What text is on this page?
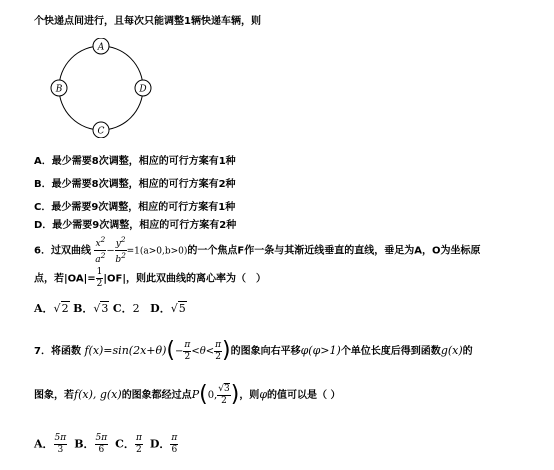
个快递点间进行，且每次只能调整1辆快递车辆，则
A
B
C
D
A．最少需要8次调整，相应的可行方案有1种
B．最少需要8次调整，相应的可行方案有2种
C．最少需要9次调整，相应的可行方案有1种
D．最少需要9次调整，相应的可行方案有2种
6．过双曲线 $\frac{x^2}{a^2} - \frac{y^2}{b^2} =1(a>0,b>0)$的一个焦点F作一条与其渐近线垂直的直线，垂足为A，O为坐标原
点，若$|OA|= \frac{1}{2} |OF|$，则此双曲线的离心率为（　）
A．√2 B．√3 C．2 D．√5
7．将函数 $f(x)=\sin(2x+\theta)(- \frac{\pi}{2} <\theta< \frac{\pi}{2}$ )的图象向右平移φ(φ>1)个单位长度后得到函数g(x)的
图象，若f(x), g(x)的图象都经过点P(0, $\frac{√3}{2}$ )，则φ的值可以是（ ）
A． $\frac{5\pi}{3}$ B． $\frac{5\pi}{6}$ C． $\frac{\pi}{2}$ D． $\frac{\pi}{6}$
